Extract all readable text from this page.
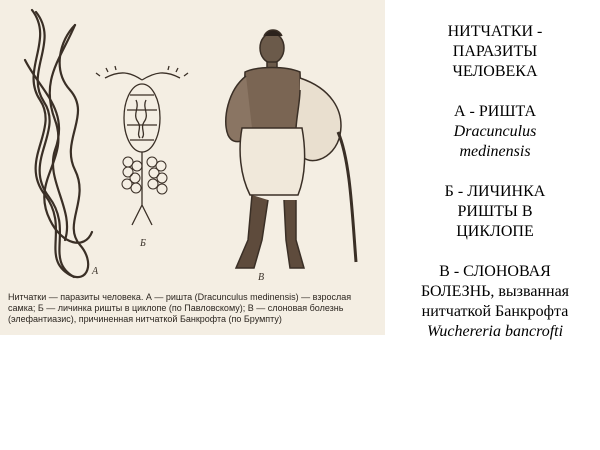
А
Б
В
Нитчатки — паразиты человека. А — ришта (Dracunculus medinensis) — взрослая самка; Б — личинка ришты в циклопе (по Павловскому); В — слоновая болезнь (элефантиазис), причиненная нитчаткой Банкрофта (по Брумпту)
НИТЧАТКИ -
ПАРАЗИТЫ
ЧЕЛОВЕКА
А - РИШТА
Dracunculus
medinensis
Б - ЛИЧИНКА
РИШТЫ В
ЦИКЛОПЕ
В - СЛОНОВАЯ
БОЛЕЗНЬ, вызванная
нитчаткой Банкрофта
Wuchereria bancrofti
